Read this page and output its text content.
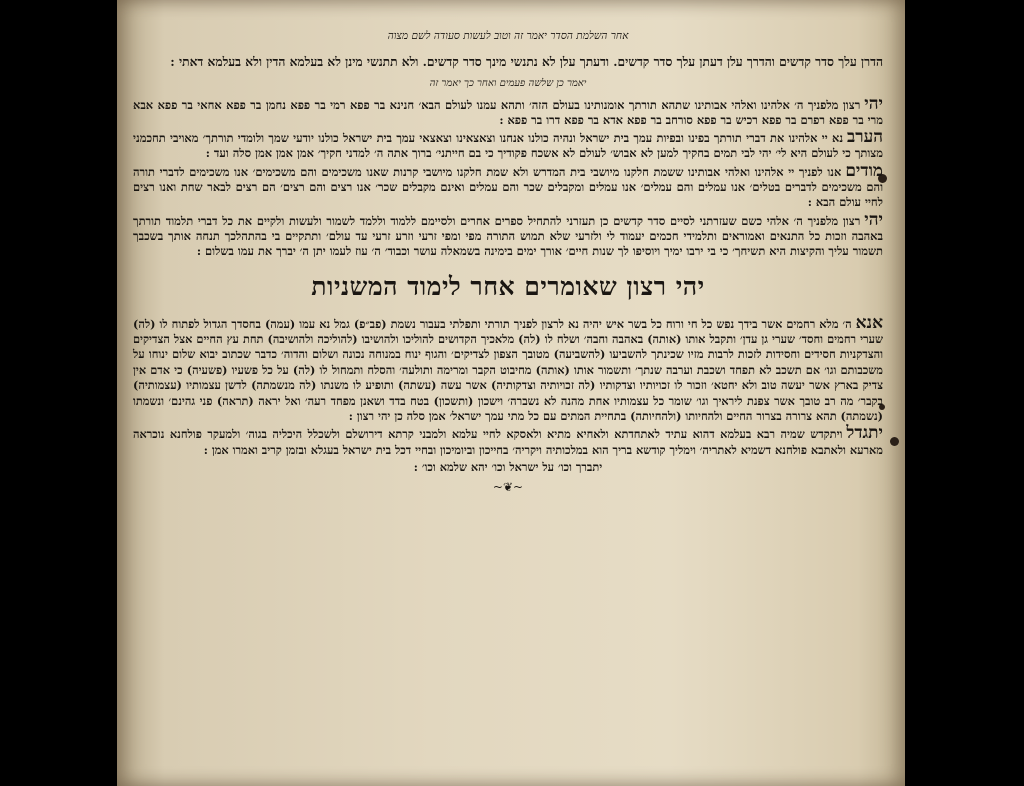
אחר השלמת הסדר יאמר זה וטוב לעשות סעודה לשם מצוה

הדרן עלך סדר קדשים והדרך עלן דעתן עלך סדר קדשים. ודעתך עלן לא נתנשי מינך סדר קדשים. ולא תתנשי מינן לא בעלמא הדין ולא בעלמא דאתי :

יאמר כן שלשה פעמים ואחר כך יאמר זה

יהירצון מלפניך ה׳ אלהינו ואלהי אבותינו שתהא תורתך אומנותינו בעולם הזה׳ ותהא עמנו לעולם הבא׳ חנינא בר פפא רמי בר פפא נחמן בר פפא אחאי בר פפא אבא מרי בר פפא רפרם בר פפא רכיש בר פפא סורחב בר פפא אדא בר פפא דרו בר פפא :

הערבנא יי אלהינו את דברי תורתך בפינו ובפיות עמך בית ישראל ונהיה כולנו אנחנו וצאצאינו וצאצאי עמך בית ישראל כולנו יודעי שמך ולומדי תורתך׳ מאויבי תחכמני מצותך כי לעולם היא לי׳ יהי לבי תמים בחקיך למען לא אבוש׳ לעולם לא אשכח פקודיך כי בם חייתני׳ ברוך אתה ה׳ למדני חקיך׳ אמן אמן אמן סלה ועד :

מודיםאנו לפניך יי אלהינו ואלהי אבותינו ששמת חלקנו מיושבי בית המדרש ולא שמת חלקנו מיושבי קרנות שאנו משכימים והם משכימים׳ אנו משכימים לדברי תורה והם משכימים לדברים בטלים׳ אנו עמלים והם עמלים׳ אנו עמלים ומקבלים שכר והם עמלים ואינם מקבלים שכר׳ אנו רצים והם רצים׳ הם רצים לבאר שחת ואנו רצים לחיי עולם הבא :

יהירצון מלפניך ה׳ אלהי כשם שעזרתני לסיים סדר קדשים כן תעזרני להתחיל ספרים אחרים ולסיימם ללמוד וללמד לשמור ולעשות ולקיים את כל דברי תלמוד תורתך באהבה וזכות כל התנאים ואמוראים ותלמידי חכמים יעמוד לי ולזרעי שלא תמוש התורה מפי ומפי זרעי וזרע זרעי עד עולם׳ ותתקיים בי בהתהלכך תנחה אותך בשכבך תשמור עליך והקיצות היא תשיחך׳ כי בי ירבו ימיך ויוסיפו לך שנות חיים׳ אורך ימים בימינה בשמאלה עושר וכבוד׳ ה׳ עוז לעמו יתן ה׳ יברך את עמו בשלום :

יהי רצון שאומרים אחר לימוד המשניות

אנאה׳ מלא רחמים אשר בידך נפש כל חי ורוח כל בשר איש יהיה נא לרצון לפניך תורתי ותפלתי בעבור נשמת (פב״פ) גמל נא עמו (עמה) בחסדך הגדול לפתוח לו (לה) שערי רחמים וחסד׳ שערי גן עדן׳ ותקבל אותו (אותה) באהבה וחבה׳ ושלח לו (לה) מלאכיך הקדושים להוליכו ולהושיבו (להוליכה ולהושיבה) תחת עץ החיים אצל הצדיקים והצדקניות חסידים וחסידות לזכות לרבות מזיו שכינתך להשביעו (להשביעה) מטובך הצפון לצדיקים׳ והגוף ינוח במנוחה נכונה ושלום והדוה׳ כדבר שכתוב יבוא שלום ינוחו על משכבותם וגו׳ אם תשכב לא תפחד ושכבת וערבה שנתך׳ ותשמור אותו (אותה) מחיבוט הקבר ומרימה ותולעה׳ והסלח ותמחול לו (לה) על כל פשעיו (פשעיה) כי אדם אין צדיק בארץ אשר יעשה טוב ולא יחטא׳ וזכור לו זכויותיו וצדקותיו (לה זכויותיה וצדקותיה) אשר עשה (עשתה) ותופיע לו משנתו (לה מנשמתה) לדשן עצמותיו (עצמותיה) בקבר׳ מה רב טובך אשר צפנת ליראיך וגו׳ שומר כל עצמותיו אחת מהנה לא נשברה׳ וישכון (ותשכון) בטח בדד ושאנן מפחד רעה׳ ואל יראה (תראה) פני גהינם׳ ונשמתו (נשמתה) תהא צרורה בצרור החיים ולהחיותו (ולהחיותה) בתחיית המתים עם כל מתי עמך ישראל׳ אמן סלה כן יהי רצון :

יתגדלויתקדש שמיה רבא בעלמא דהוא עתיד לאתחדתא ולאחיא מתיא ולאסקא לחיי עלמא ולמבני קרתא דירושלם ולשכלל היכליה בגוה׳ ולמעקר פולחנא נוכראה מארעא ולאתבא פולחנא דשמיא לאתריה׳ וימליך קודשא בריך הוא במלכותיה ויקריה׳ בחייכון וביומיכון ובחיי דכל בית ישראל בעגלא ובזמן קריב ואמרו אמן :

יתברך וכו׳ על ישראל וכו׳ יהא שלמא וכו׳ :
~❦~
